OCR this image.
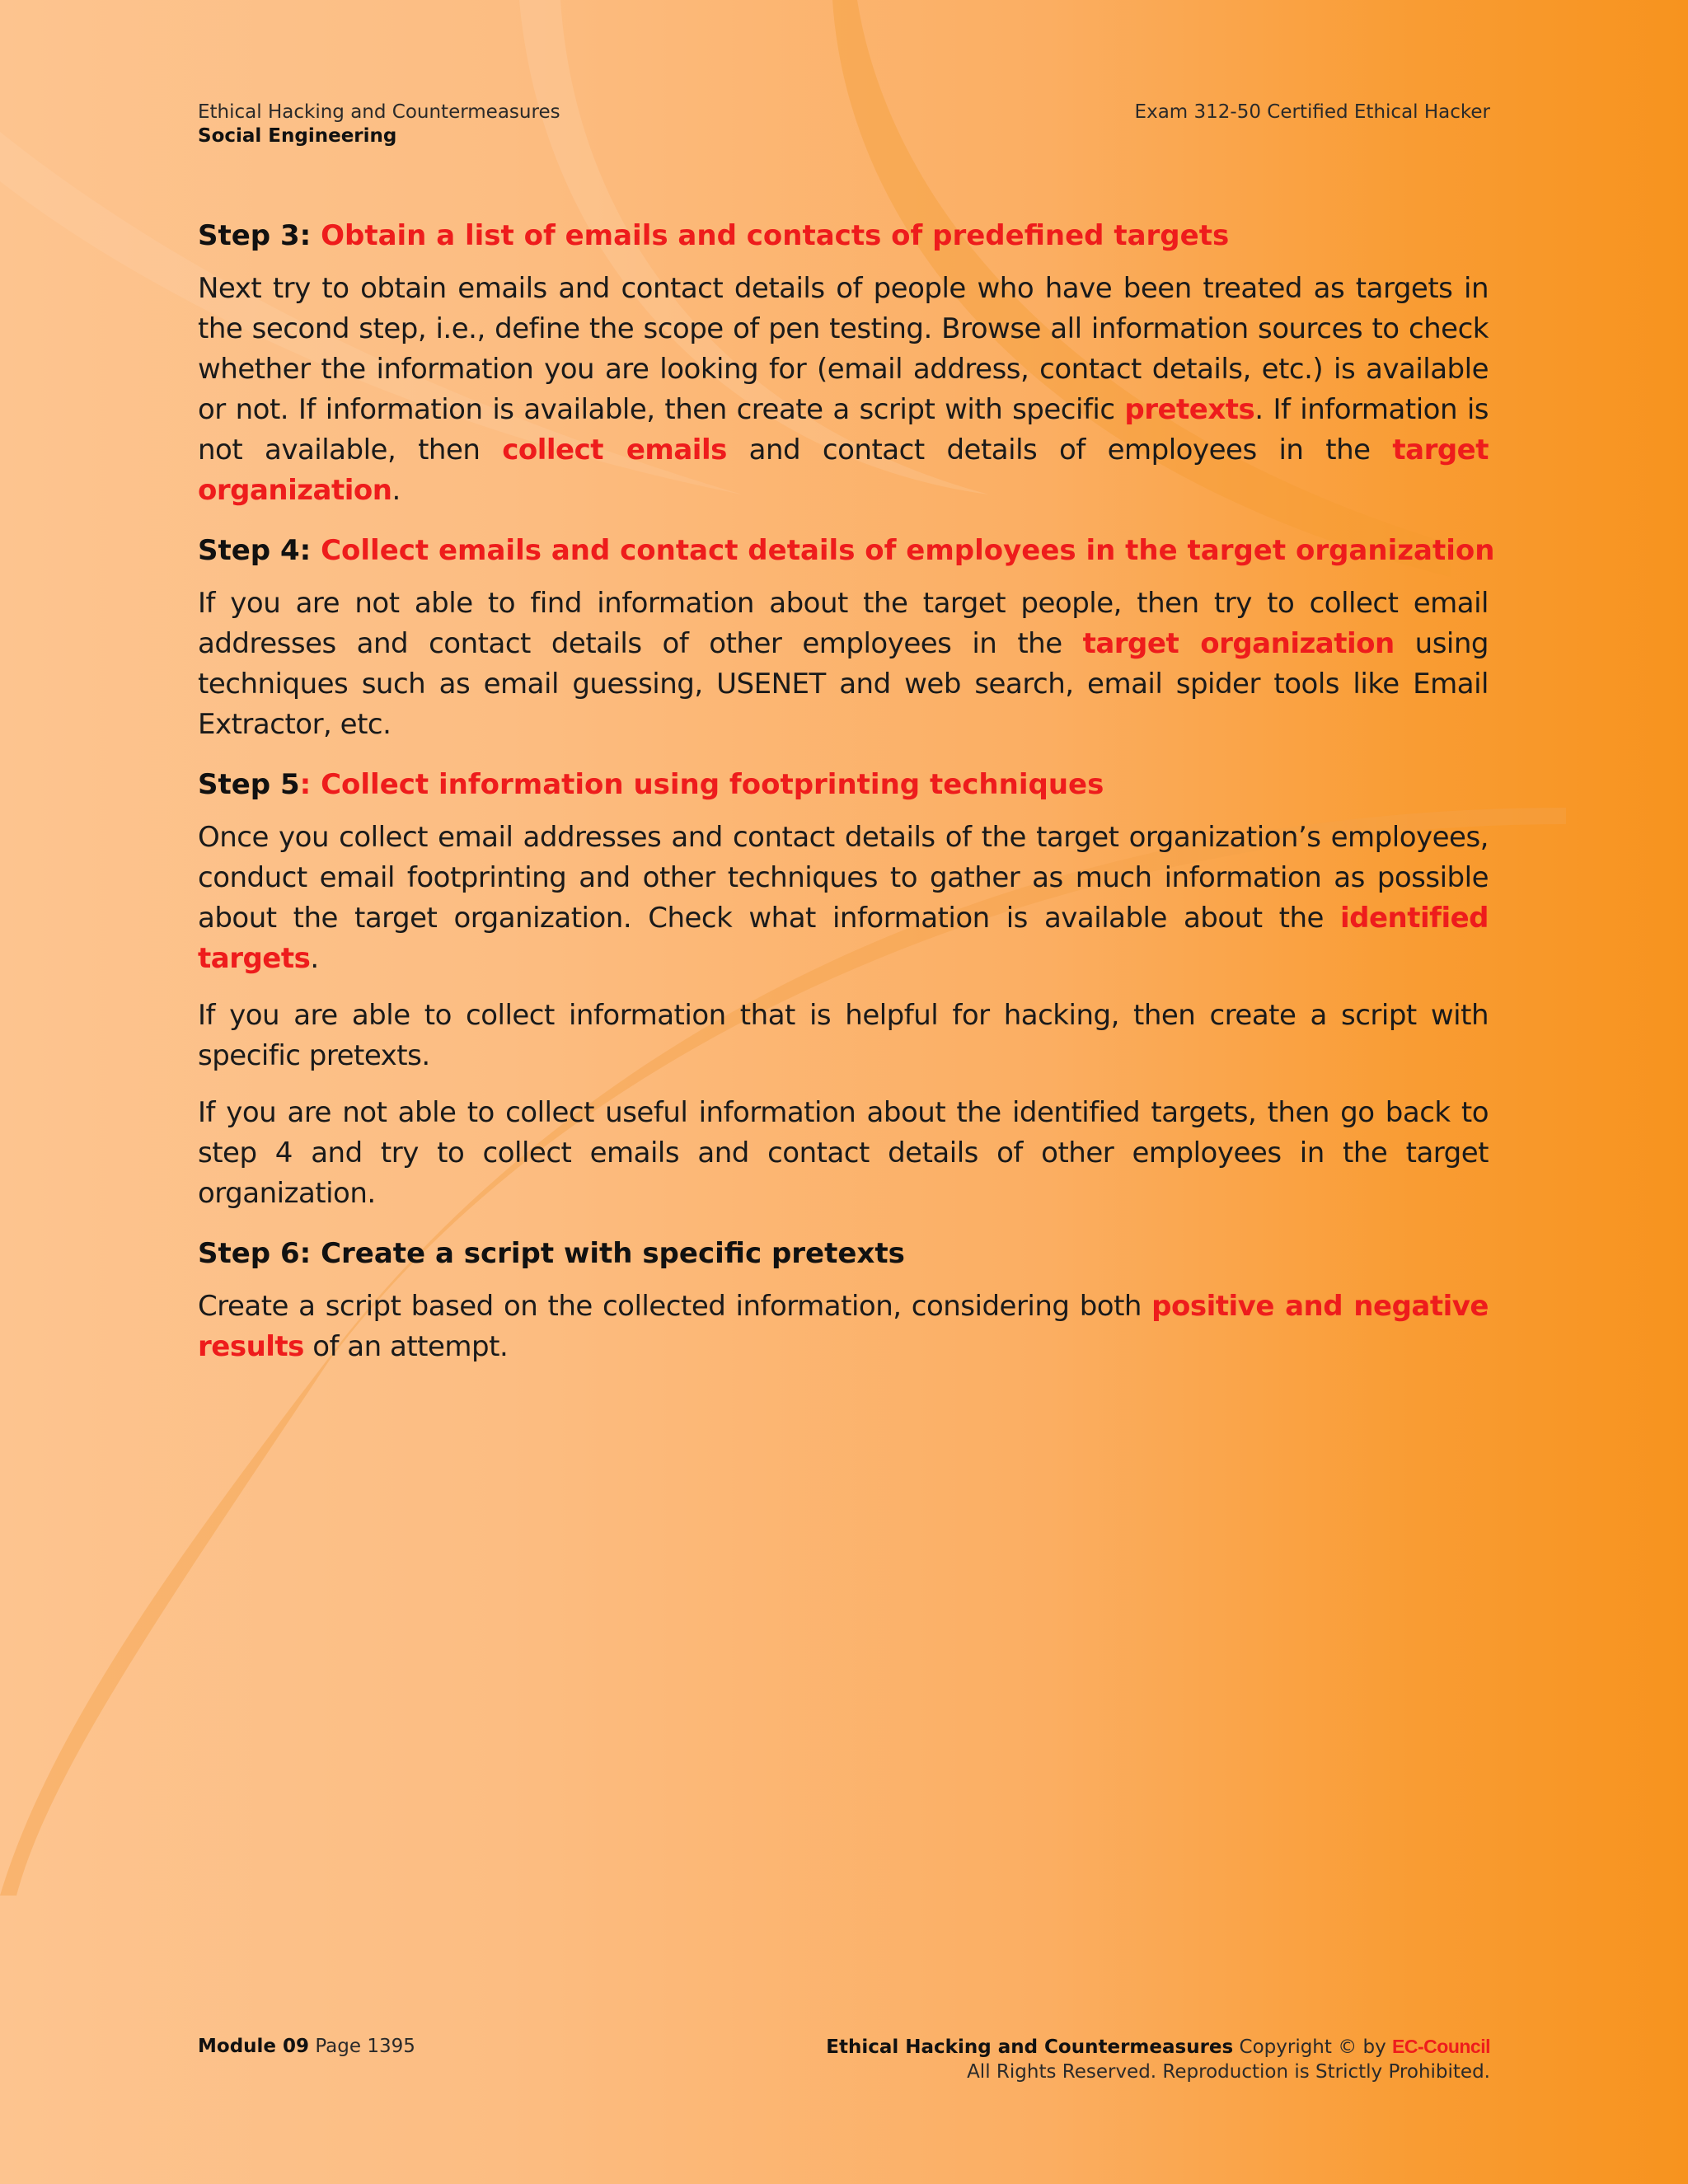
Ethical Hacking and Countermeasures
Social Engineering
Exam 312-50 Certified Ethical Hacker
Step 3: Obtain a list of emails and contacts of predefined targets

Next try to obtain emails and contact details of people who have been treated as targets in the second step, i.e., define the scope of pen testing. Browse all information sources to check whether the information you are looking for (email address, contact details, etc.) is available or not. If information is available, then create a script with specific pretexts. If information is not available, then collect emails and contact details of employees in the target organization.

Step 4: Collect emails and contact details of employees in the target organization

If you are not able to find information about the target people, then try to collect email addresses and contact details of other employees in the target organization using techniques such as email guessing, USENET and web search, email spider tools like Email Extractor, etc.

Step 5: Collect information using footprinting techniques

Once you collect email addresses and contact details of the target organization’s employees, conduct email footprinting and other techniques to gather as much information as possible about the target organization. Check what information is available about the identified targets.

If you are able to collect information that is helpful for hacking, then create a script with specific pretexts.

If you are not able to collect useful information about the identified targets, then go back to step 4 and try to collect emails and contact details of other employees in the target organization.

Step 6: Create a script with specific pretexts

Create a script based on the collected information, considering both positive and negative results of an attempt.

Module 09 Page 1395	Ethical Hacking and Countermeasures Copyright © by EC-Council
All Rights Reserved. Reproduction is Strictly Prohibited.
